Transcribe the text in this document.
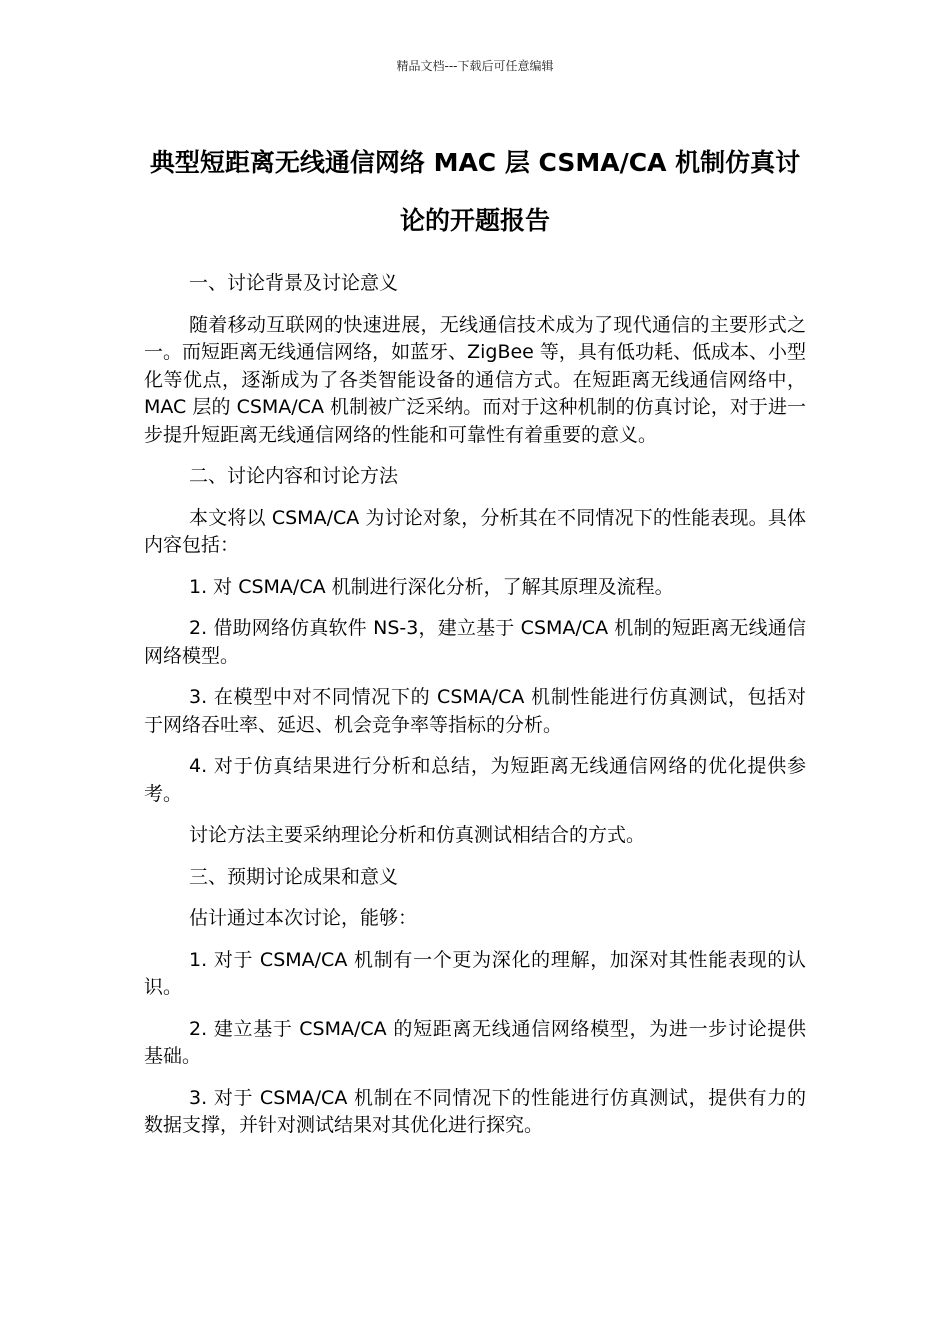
精品文档---下载后可任意编辑
典型短距离无线通信网络 MAC 层 CSMA/CA 机制仿真讨论的开题报告

一、讨论背景及讨论意义

随着移动互联网的快速进展，无线通信技术成为了现代通信的主要形式之一。而短距离无线通信网络，如蓝牙、ZigBee 等，具有低功耗、低成本、小型化等优点，逐渐成为了各类智能设备的通信方式。在短距离无线通信网络中，MAC 层的 CSMA/CA 机制被广泛采纳。而对于这种机制的仿真讨论，对于进一步提升短距离无线通信网络的性能和可靠性有着重要的意义。

二、讨论内容和讨论方法

本文将以 CSMA/CA 为讨论对象，分析其在不同情况下的性能表现。具体内容包括：

1. 对 CSMA/CA 机制进行深化分析，了解其原理及流程。

2. 借助网络仿真软件 NS-3，建立基于 CSMA/CA 机制的短距离无线通信网络模型。

3. 在模型中对不同情况下的 CSMA/CA 机制性能进行仿真测试，包括对于网络吞吐率、延迟、机会竞争率等指标的分析。

4. 对于仿真结果进行分析和总结，为短距离无线通信网络的优化提供参考。

讨论方法主要采纳理论分析和仿真测试相结合的方式。

三、预期讨论成果和意义

估计通过本次讨论，能够：

1. 对于 CSMA/CA 机制有一个更为深化的理解，加深对其性能表现的认识。

2. 建立基于 CSMA/CA 的短距离无线通信网络模型，为进一步讨论提供基础。

3. 对于 CSMA/CA 机制在不同情况下的性能进行仿真测试，提供有力的数据支撑，并针对测试结果对其优化进行探究。
